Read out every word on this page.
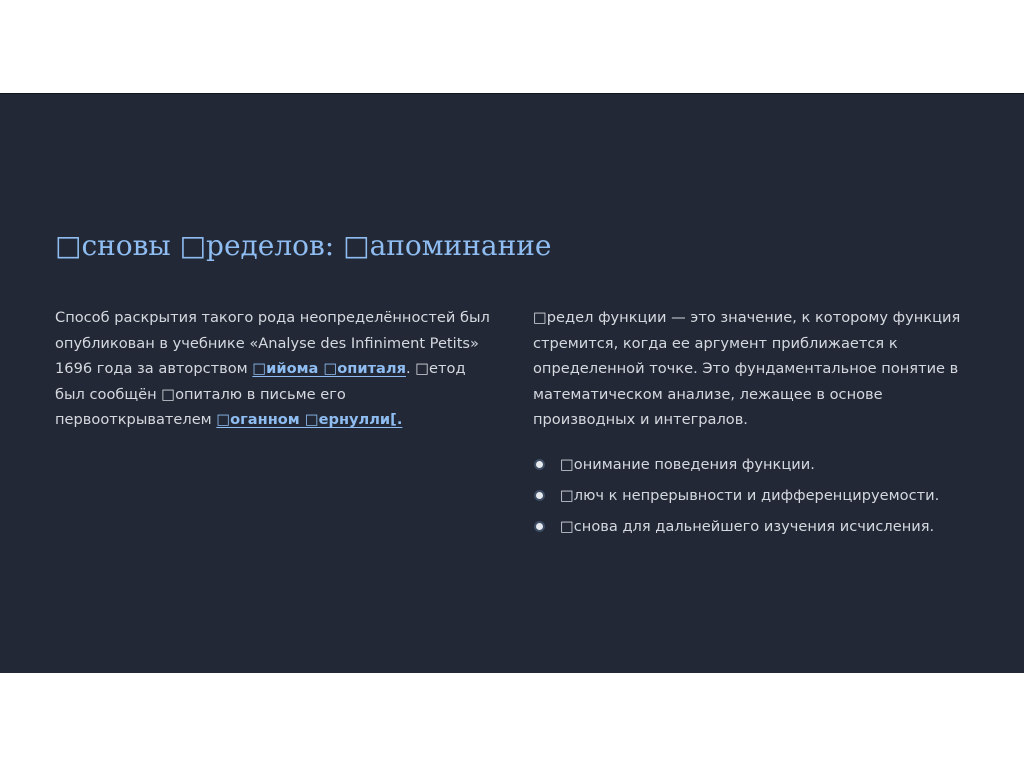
□сновы □ределов: □апоминание

Способ раскрытия такого рода неопределённостей был опубликован в учебнике «Analyse des Infiniment Petits» 1696 года за авторством □ийома □опиталя. □етод был сообщён □опиталю в письме его первооткрывателем □оганном □ернулли[.

□редел функции — это значение, к которому функция стремится, когда ее аргумент приближается к определенной точке. Это фундаментальное понятие в математическом анализе, лежащее в основе производных и интегралов.

□онимание поведения функции.
□люч к непрерывности и дифференцируемости.
□снова для дальнейшего изучения исчисления.
